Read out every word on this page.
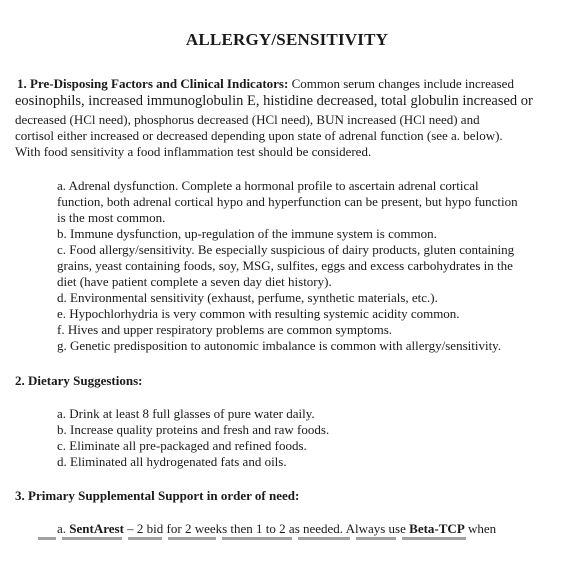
ALLERGY/SENSITIVITY
1. Pre-Disposing Factors and Clinical Indicators: Common serum changes include increased
eosinophils, increased immunoglobulin E, histidine decreased, total globulin increased or
decreased (HCl need), phosphorus decreased (HCl need), BUN increased (HCl need) and
cortisol either increased or decreased depending upon state of adrenal function (see a. below).
With food sensitivity a food inflammation test should be considered.
a. Adrenal dysfunction. Complete a hormonal profile to ascertain adrenal cortical
function, both adrenal cortical hypo and hyperfunction can be present, but hypo function
is the most common.
b. Immune dysfunction, up-regulation of the immune system is common.
c. Food allergy/sensitivity. Be especially suspicious of dairy products, gluten containing
grains, yeast containing foods, soy, MSG, sulfites, eggs and excess carbohydrates in the
diet (have patient complete a seven day diet history).
d. Environmental sensitivity (exhaust, perfume, synthetic materials, etc.).
e. Hypochlorhydria is very common with resulting systemic acidity common.
f. Hives and upper respiratory problems are common symptoms.
g. Genetic predisposition to autonomic imbalance is common with allergy/sensitivity.
2. Dietary Suggestions:
a. Drink at least 8 full glasses of pure water daily.
b. Increase quality proteins and fresh and raw foods.
c. Eliminate all pre-packaged and refined foods.
d. Eliminated all hydrogenated fats and oils.
3. Primary Supplemental Support in order of need:
a. SentArest – 2 bid for 2 weeks then 1 to 2 as needed. Always use Beta-TCP when
